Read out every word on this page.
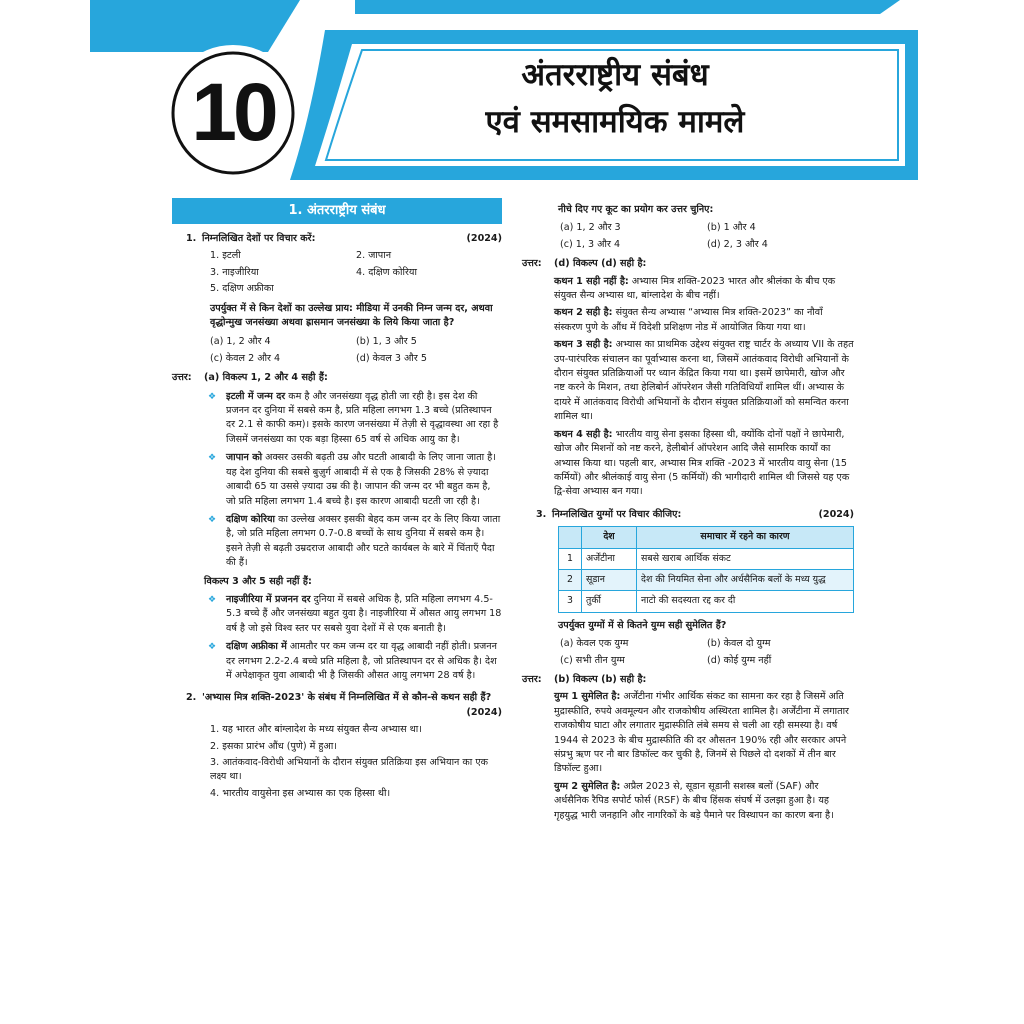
10	अंतरराष्ट्रीय संबंध
एवं समसामयिक मामले
1. अंतरराष्ट्रीय संबंध
1. निम्नलिखित देशों पर विचार करें:	(2024)
1. इटली	2. जापान
3. नाइजीरिया	4. दक्षिण कोरिया
5. दक्षिण अफ्रीका
उपर्युक्त में से किन देशों का उल्लेख प्राय: मीडिया में उनकी निम्न जन्म दर, अथवा वृद्धोन्मुख जनसंख्या अथवा ह्रासमान जनसंख्या के लिये किया जाता है?
(a) 1, 2 और 4	(b) 1, 3 और 5
(c) केवल 2 और 4	(d) केवल 3 और 5
उत्तर:	(a) विकल्प 1, 2 और 4 सही हैं:
❖	इटली में जन्म दर कम है और जनसंख्या वृद्ध होती जा रही है। इस देश की प्रजनन दर दुनिया में सबसे कम है, प्रति महिला लगभग 1.3 बच्चे (प्रतिस्थापन दर 2.1 से काफी कम)। इसके कारण जनसंख्या में तेज़ी से वृद्धावस्था आ रहा है जिसमें जनसंख्या का एक बड़ा हिस्सा 65 वर्ष से अधिक आयु का है।
❖	जापान को अक्सर उसकी बढ़ती उम्र और घटती आबादी के लिए जाना जाता है। यह देश दुनिया की सबसे बुज़ुर्ग आबादी में से एक है जिसकी 28% से ज़्यादा आबादी 65 या उससे ज़्यादा उम्र की है। जापान की जन्म दर भी बहुत कम है, जो प्रति महिला लगभग 1.4 बच्चे है। इस कारण आबादी घटती जा रही है।
❖	दक्षिण कोरिया का उल्लेख अक्सर इसकी बेहद कम जन्म दर के लिए किया जाता है, जो प्रति महिला लगभग 0.7-0.8 बच्चों के साथ दुनिया में सबसे कम है। इसने तेज़ी से बढ़ती उम्रदराज आबादी और घटते कार्यबल के बारे में चिंताएँ पैदा की हैं।
विकल्प 3 और 5 सही नहीं हैं:
❖	नाइजीरिया में प्रजनन दर दुनिया में सबसे अधिक है, प्रति महिला लगभग 4.5-5.3 बच्चे हैं और जनसंख्या बहुत युवा है। नाइजीरिया में औसत आयु लगभग 18 वर्ष है जो इसे विश्व स्तर पर सबसे युवा देशों में से एक बनाती है।
❖	दक्षिण अफ्रीका में आमतौर पर कम जन्म दर या वृद्ध आबादी नहीं होती। प्रजनन दर लगभग 2.2-2.4 बच्चे प्रति महिला है, जो प्रतिस्थापन दर से अधिक है। देश में अपेक्षाकृत युवा आबादी भी है जिसकी औसत आयु लगभग 28 वर्ष है।
2. 'अभ्यास मित्र शक्ति-2023' के संबंध में निम्नलिखित में से कौन-से कथन सही हैं?
(2024)
1. यह भारत और बांग्लादेश के मध्य संयुक्त सैन्य अभ्यास था।
2. इसका प्रारंभ औंध (पुणे) में हुआ।
3. आतंकवाद-विरोधी अभियानों के दौरान संयुक्त प्रतिक्रिया इस अभियान का एक लक्ष्य था।
4. भारतीय वायुसेना इस अभ्यास का एक हिस्सा थी।
नीचे दिए गए कूट का प्रयोग कर उत्तर चुनिए:
(a) 1, 2 और 3	(b) 1 और 4
(c) 1, 3 और 4	(d) 2, 3 और 4
उत्तर:	(d) विकल्प (d) सही है:
कथन 1 सही नहीं है: अभ्यास मित्र शक्ति-2023 भारत और श्रीलंका के बीच एक संयुक्त सैन्य अभ्यास था, बांग्लादेश के बीच नहीं।
कथन 2 सही है: संयुक्त सैन्य अभ्यास “अभ्यास मित्र शक्ति-2023” का नौवाँ संस्करण पुणे के औंध में विदेशी प्रशिक्षण नोड में आयोजित किया गया था।
कथन 3 सही है: अभ्यास का प्राथमिक उद्देश्य संयुक्त राष्ट्र चार्टर के अध्याय VII के तहत उप-पारंपरिक संचालन का पूर्वाभ्यास करना था, जिसमें आतंकवाद विरोधी अभियानों के दौरान संयुक्त प्रतिक्रियाओं पर ध्यान केंद्रित किया गया था। इसमें छापेमारी, खोज और नष्ट करने के मिशन, तथा हेलिबोर्न ऑपरेशन जैसी गतिविधियाँ शामिल थीं। अभ्यास के दायरे में आतंकवाद विरोधी अभियानों के दौरान संयुक्त प्रतिक्रियाओं को समन्वित करना शामिल था।
कथन 4 सही है: भारतीय वायु सेना इसका हिस्सा थी, क्योंकि दोनों पक्षों ने छापेमारी, खोज और मिशनों को नष्ट करने, हेलीबोर्न ऑपरेशन आदि जैसे सामरिक कार्यों का अभ्यास किया था। पहली बार, अभ्यास मित्र शक्ति -2023 में भारतीय वायु सेना (15 कर्मियों) और श्रीलंकाई वायु सेना (5 कर्मियों) की भागीदारी शामिल थी जिससे यह एक द्वि-सेवा अभ्यास बन गया।
3. निम्नलिखित युग्मों पर विचार कीजिए:	(2024)
	देश	समाचार में रहने का कारण
1	अर्जेंटीना	सबसे खराब आर्थिक संकट
2	सूडान	देश की नियमित सेना और अर्धसैनिक बलों के मध्य युद्ध
3	तुर्की	नाटो की सदस्यता रद्द कर दी
उपर्युक्त युग्मों में से कितने युग्म सही सुमेलित हैं?
(a) केवल एक युग्म	(b) केवल दो युग्म
(c) सभी तीन युग्म	(d) कोई युग्म नहीं
उत्तर:	(b) विकल्प (b) सही है:
युग्म 1 सुमेलित है: अर्जेंटीना गंभीर आर्थिक संकट का सामना कर रहा है जिसमें अति मुद्रास्फीति, रुपये अवमूल्यन और राजकोषीय अस्थिरता शामिल है। अर्जेंटीना में लगातार राजकोषीय घाटा और लगातार मुद्रास्फीति लंबे समय से चली आ रही समस्या है। वर्ष 1944 से 2023 के बीच मुद्रास्फीति की दर औसतन 190% रही और सरकार अपने संप्रभु ऋण पर नौ बार डिफॉल्ट कर चुकी है, जिनमें से पिछले दो दशकों में तीन बार डिफॉल्ट हुआ।
युग्म 2 सुमेलित है: अप्रैल 2023 से, सूडान सूडानी सशस्त्र बलों (SAF) और अर्धसैनिक रैपिड सपोर्ट फोर्स (RSF) के बीच हिंसक संघर्ष में उलझा हुआ है। यह गृहयुद्ध भारी जनहानि और नागरिकों के बड़े पैमाने पर विस्थापन का कारण बना है।
